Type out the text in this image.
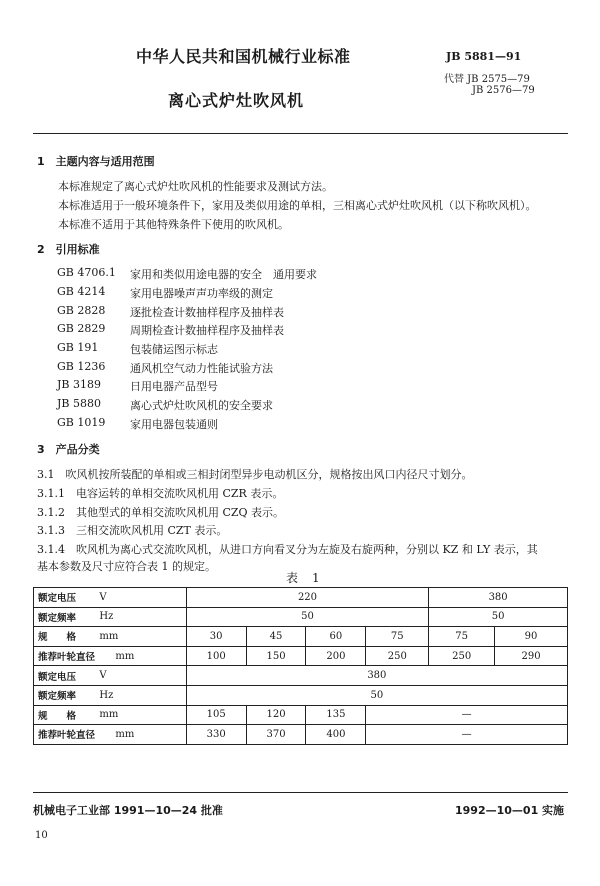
中华人民共和国机械行业标准
离心式炉灶吹风机
JB 5881—91
代替 JB 2575—79
JB 2576—79
1　主题内容与适用范围
本标准规定了离心式炉灶吹风机的性能要求及测试方法。
本标准适用于一般环境条件下，家用及类似用途的单相，三相离心式炉灶吹风机（以下称吹风机）。
本标准不适用于其他特殊条件下使用的吹风机。
2　引用标准
GB 4706.1 家用和类似用途电器的安全　通用要求
GB 4214 家用电器噪声声功率级的测定
GB 2828 逐批检查计数抽样程序及抽样表
GB 2829 周期检查计数抽样程序及抽样表
GB 191	包装储运图示标志
GB 1236 通风机空气动力性能试验方法
JB 3189	日用电器产品型号
JB 5880	离心式炉灶吹风机的安全要求
GB 1019 家用电器包装通则
3　产品分类
3.1　吹风机按所装配的单相或三相封闭型异步电动机区分，规格按出风口内径尺寸划分。
3.1.1　电容运转的单相交流吹风机用 CZR 表示。
3.1.2　其他型式的单相交流吹风机用 CZQ 表示。
3.1.3　三相交流吹风机用 CZT 表示。
3.1.4　吹风机为离心式交流吹风机，从进口方向看叉分为左旋及右旋两种，分别以 KZ 和 LY 表示，其
基本参数及尺寸应符合表 1 的规定。
表1
额定电压	V	220				380	
额定频率	Hz	50				50	
规　　格	mm	30	45	60	75	75	90
推荐叶轮直径	mm	100	150	200	250	250	290
额定电压	V	380					
额定频率	Hz	50					
规　　格	mm	105	120	135	—		
推荐叶轮直径	mm	330	370	400	—		
机械电子工业部 1991—10—24 批准	1992—10—01 实施
10
